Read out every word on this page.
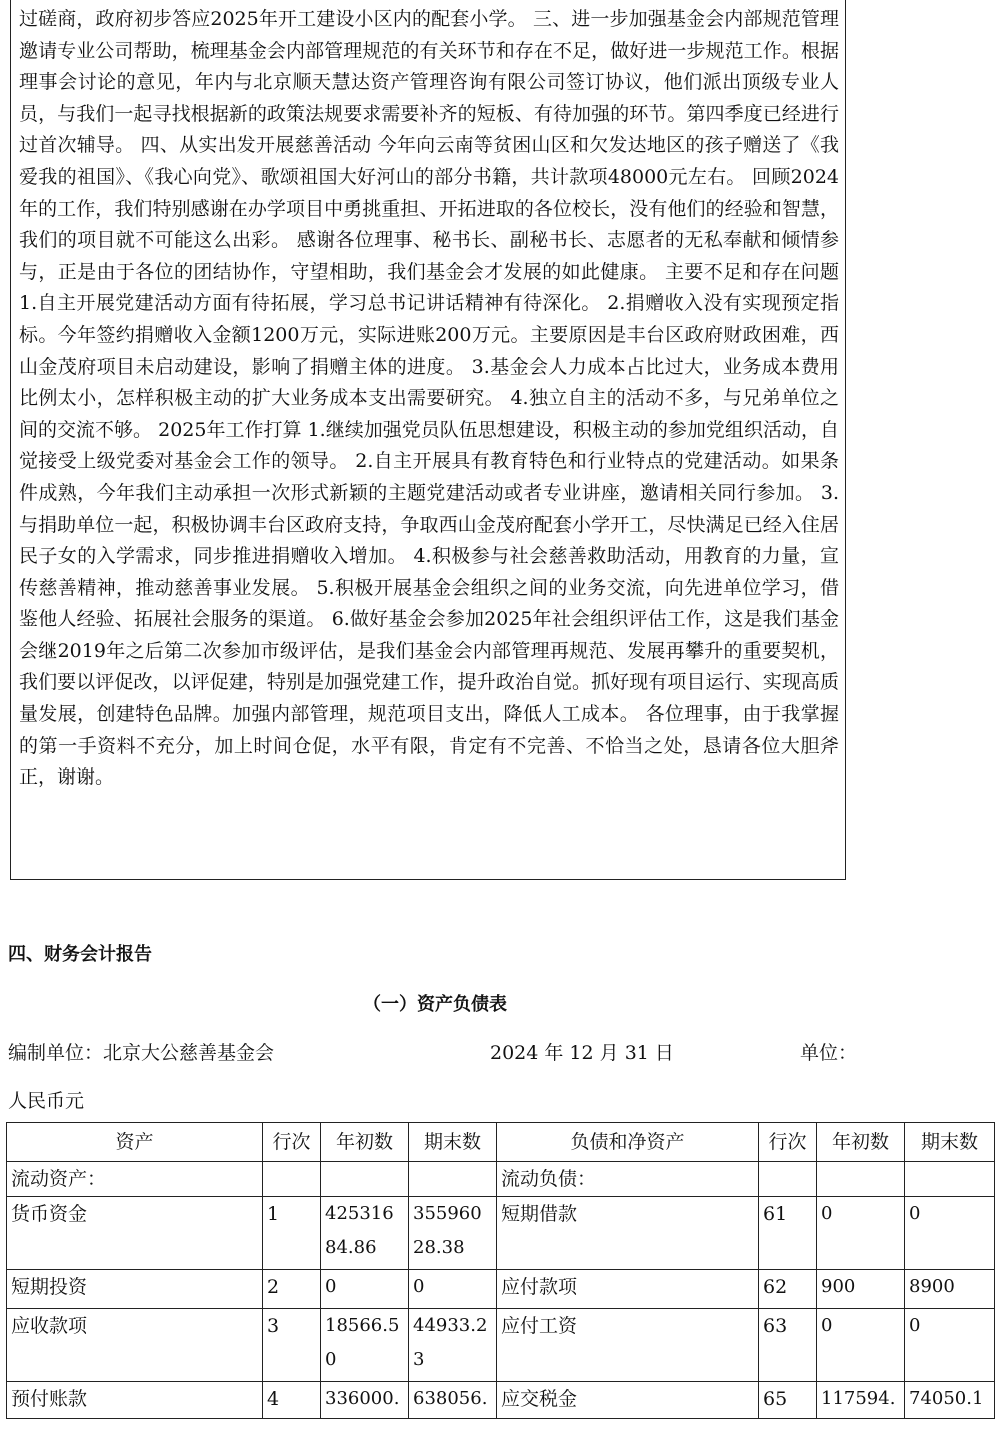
过磋商，政府初步答应2025年开工建设小区内的配套小学。 三、进一步加强基金会内部规范管理 邀请专业公司帮助，梳理基金会内部管理规范的有关环节和存在不足，做好进一步规范工作。根据理事会讨论的意见，年内与北京顺天慧达资产管理咨询有限公司签订协议，他们派出顶级专业人员，与我们一起寻找根据新的政策法规要求需要补齐的短板、有待加强的环节。第四季度已经进行过首次辅导。 四、从实出发开展慈善活动 今年向云南等贫困山区和欠发达地区的孩子赠送了《我爱我的祖国》、《我心向党》、歌颂祖国大好河山的部分书籍，共计款项48000元左右。 回顾2024年的工作，我们特别感谢在办学项目中勇挑重担、开拓进取的各位校长，没有他们的经验和智慧，我们的项目就不可能这么出彩。 感谢各位理事、秘书长、副秘书长、志愿者的无私奉献和倾情参与，正是由于各位的团结协作，守望相助，我们基金会才发展的如此健康。 主要不足和存在问题 1.自主开展党建活动方面有待拓展，学习总书记讲话精神有待深化。 2.捐赠收入没有实现预定指标。今年签约捐赠收入金额1200万元，实际进账200万元。主要原因是丰台区政府财政困难，西山金茂府项目未启动建设，影响了捐赠主体的进度。 3.基金会人力成本占比过大，业务成本费用比例太小，怎样积极主动的扩大业务成本支出需要研究。 4.独立自主的活动不多，与兄弟单位之间的交流不够。 2025年工作打算 1.继续加强党员队伍思想建设，积极主动的参加党组织活动，自觉接受上级党委对基金会工作的领导。 2.自主开展具有教育特色和行业特点的党建活动。如果条件成熟，今年我们主动承担一次形式新颖的主题党建活动或者专业讲座，邀请相关同行参加。 3.与捐助单位一起，积极协调丰台区政府支持，争取西山金茂府配套小学开工，尽快满足已经入住居民子女的入学需求，同步推进捐赠收入增加。 4.积极参与社会慈善救助活动，用教育的力量，宣传慈善精神，推动慈善事业发展。 5.积极开展基金会组织之间的业务交流，向先进单位学习，借鉴他人经验、拓展社会服务的渠道。 6.做好基金会参加2025年社会组织评估工作，这是我们基金会继2019年之后第二次参加市级评估，是我们基金会内部管理再规范、发展再攀升的重要契机，我们要以评促改，以评促建，特别是加强党建工作，提升政治自觉。抓好现有项目运行、实现高质量发展，创建特色品牌。加强内部管理，规范项目支出，降低人工成本。 各位理事，由于我掌握的第一手资料不充分，加上时间仓促，水平有限，肯定有不完善、不恰当之处，恳请各位大胆斧正，谢谢。

四、财务会计报告
（一）资产负债表
编制单位：北京大公慈善基金会	2024 年 12 月 31 日	单位：
人民币元
资产	行次	年初数	期末数	负债和净资产	行次	年初数	期末数
流动资产：				流动负债：			
货币资金	1	42531684.86	35596028.38	短期借款	61	0	0
短期投资	2	0	0	应付款项	62	900	8900
应收款项	3	18566.50	44933.23	应付工资	63	0	0
预付账款	4	336000.	638056.	应交税金	65	117594.	74050.1
